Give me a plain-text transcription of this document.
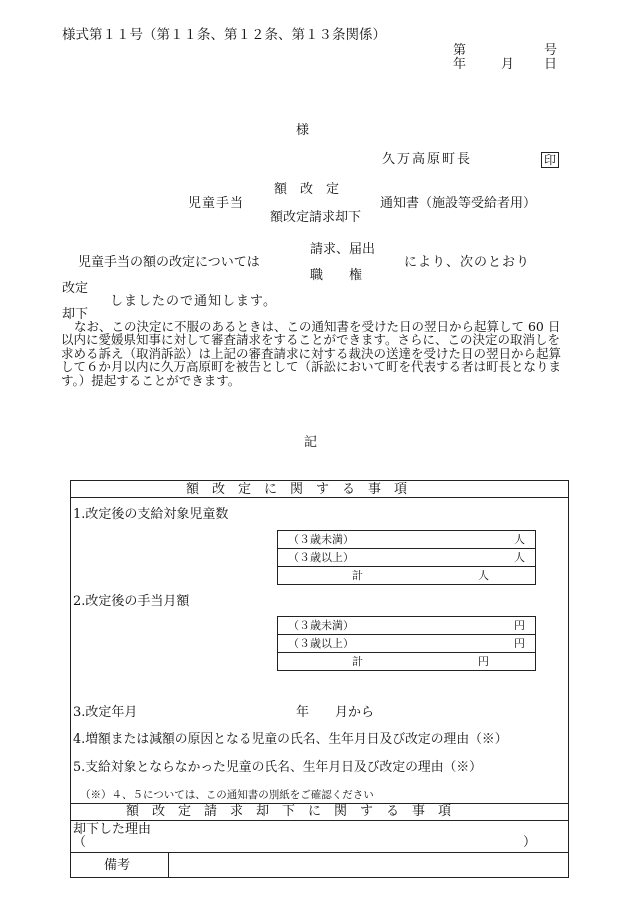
様式第１１号（第１１条、第１２条、第１３条関係）
第	号
年	月 日
様
久万高原町長	印
額　改　定
児童手当	通知書（施設等受給者用）
額改定請求却下
児童手当の額の改定については
請求、届出
職　　権
により、次のとおり
改定
しましたので通知します。
却下
なお、この決定に不服のあるときは、この通知書を受けた日の翌日から起算して 60 日以内に愛媛県知事に対して審査請求をすることができます。さらに、この決定の取消しを求める訴え（取消訴訟）は上記の審査請求に対する裁決の送達を受けた日の翌日から起算して６か月以内に久万高原町を被告として（訴訟において町を代表する者は町長となります。）提起することができます。
記
額　改　定　に　関　す　る　事　項
1.改定後の支給対象児童数
（３歳未満）	人
（３歳以上）	人
計	人
2.改定後の手当月額
（３歳未満）	円
（３歳以上）	円
計	円
3.改定年月	年　　月から
4.増額または減額の原因となる児童の氏名、生年月日及び改定の理由（※）
5.支給対象とならなかった児童の氏名、生年月日及び改定の理由（※）
（※）４、５については、この通知書の別紙をご確認ください
額　改　定　請　求　却　下　に　関　す　る　事　項
却下した理由
（	）
備考
